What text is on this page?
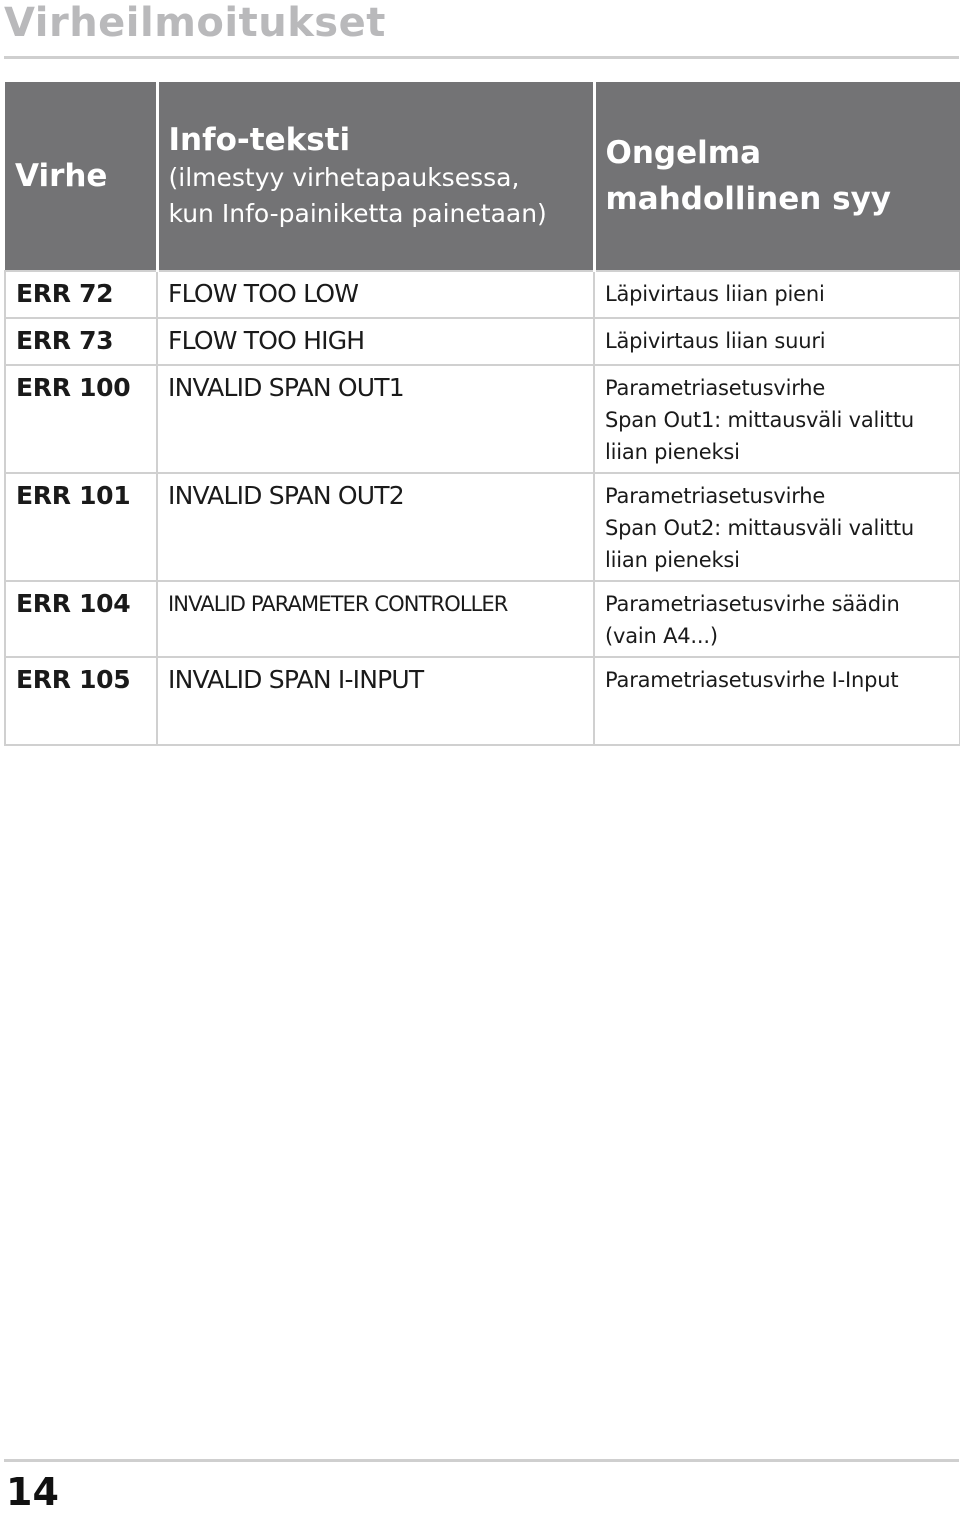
Virheilmoitukset
Virhe	Info-teksti
(ilmestyy virhetapauksessa,
kun Info-painiketta painetaan)	Ongelma
mahdollinen syy

ERR 72	FLOW TOO LOW	Läpivirtaus liian pieni

ERR 73	FLOW TOO HIGH	Läpivirtaus liian suuri

ERR 100	INVALID SPAN OUT1	Parametriasetusvirhe
Span Out1: mittausväli valittu
liian pieneksi

ERR 101	INVALID SPAN OUT2	Parametriasetusvirhe
Span Out2: mittausväli valittu
liian pieneksi

ERR 104	INVALID PARAMETER CONTROLLER	Parametriasetusvirhe säädin
(vain A4...)

ERR 105	INVALID SPAN I-INPUT	Parametriasetusvirhe I-Input
14
